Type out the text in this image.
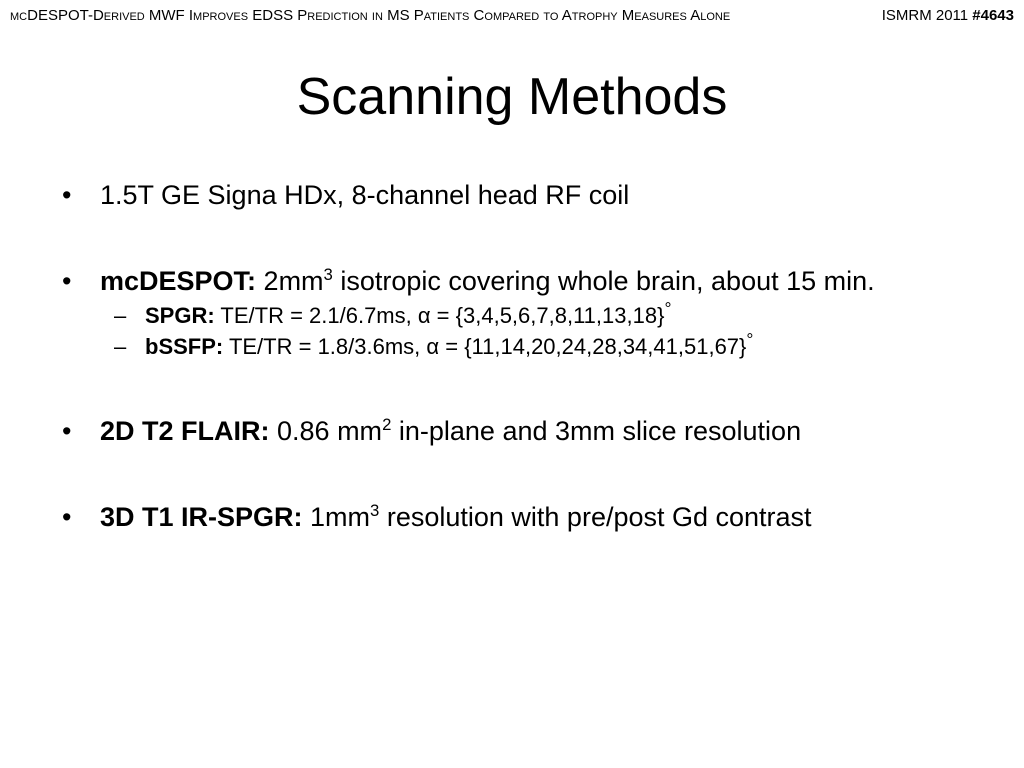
mcDESPOT-Derived MWF Improves EDSS Prediction in MS Patients Compared to Atrophy Measures Alone	ISMRM 2011 #4643
Scanning Methods
• 1.5T GE Signa HDx, 8-channel head RF coil
• mcDESPOT: $2mm^3$ isotropic covering whole brain, about 15 min.
– SPGR: TE/TR = 2.1/6.7ms, α = {3,4,5,6,7,8,11,13,18}°
– bSSFP: TE/TR = 1.8/3.6ms, α = {11,14,20,24,28,34,41,51,67}°
• 2D T2 FLAIR: 0.86 $mm^2$ in-plane and 3mm slice resolution
• 3D T1 IR-SPGR: $1mm^3$ resolution with pre/post Gd contrast
